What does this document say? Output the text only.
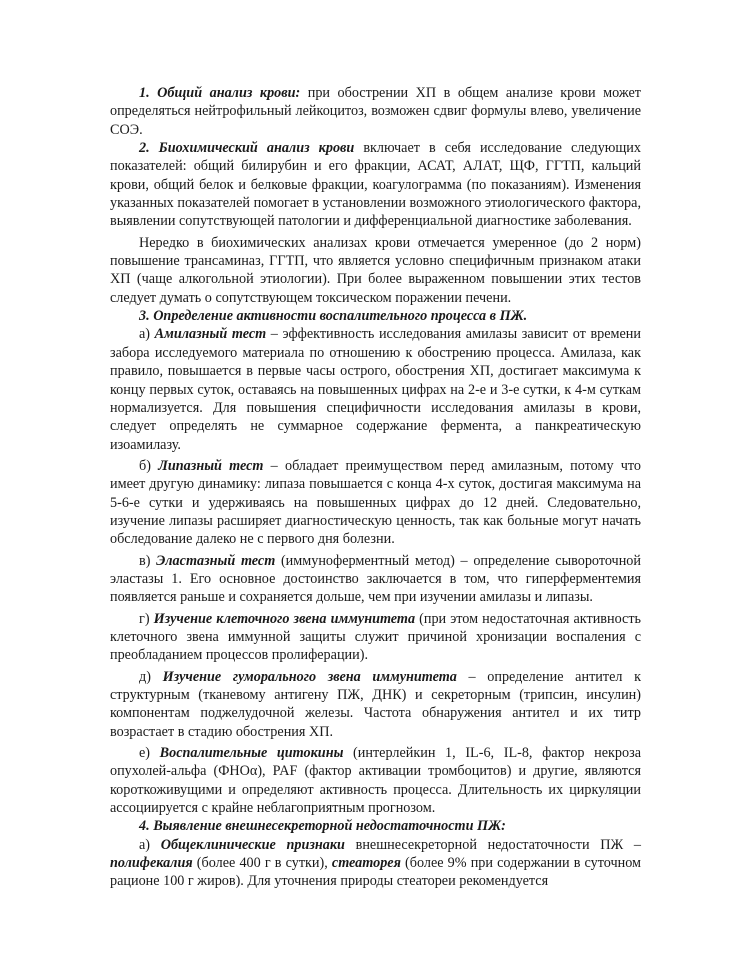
1. Общий анализ крови: при обострении ХП в общем анализе крови может определяться нейтрофильный лейкоцитоз, возможен сдвиг формулы влево, увеличение СОЭ.

2. Биохимический анализ крови включает в себя исследование следующих показателей: общий билирубин и его фракции, АСАТ, АЛАТ, ЩФ, ГГТП, кальций крови, общий белок и белковые фракции, коагулограмма (по показаниям). Изменения указанных показателей помогает в установлении возможного этиологического фактора, выявлении сопутствующей патологии и дифференциальной диагностике заболевания.

Нередко в биохимических анализах крови отмечается умеренное (до 2 норм) повышение трансаминаз, ГГТП, что является условно специфичным признаком атаки ХП (чаще алкогольной этиологии). При более выраженном повышении этих тестов следует думать о сопутствующем токсическом поражении печени.

3. Определение активности воспалительного процесса в ПЖ.

а) Амилазный тест – эффективность исследования амилазы зависит от времени забора исследуемого материала по отношению к обострению процесса. Амилаза, как правило, повышается в первые часы острого, обострения ХП, достигает максимума к концу первых суток, оставаясь на повышенных цифрах на 2-е и 3-е сутки, к 4-м суткам нормализуется. Для повышения специфичности исследования амилазы в крови, следует определять не суммарное содержание фермента, а панкреатическую изоамилазу.

б) Липазный тест – обладает преимуществом перед амилазным, потому что имеет другую динамику: липаза повышается с конца 4-х суток, достигая максимума на 5-6-е сутки и удерживаясь на повышенных цифрах до 12 дней. Следовательно, изучение липазы расширяет диагностическую ценность, так как больные могут начать обследование далеко не с первого дня болезни.

в) Эластазный тест (иммуноферментный метод) – определение сывороточной эластазы 1. Его основное достоинство заключается в том, что гиперферментемия появляется раньше и сохраняется дольше, чем при изучении амилазы и липазы.

г) Изучение клеточного звена иммунитета (при этом недостаточная активность клеточного звена иммунной защиты служит причиной хронизации воспаления с преобладанием процессов пролиферации).

д) Изучение гуморального звена иммунитета – определение антител к структурным (тканевому антигену ПЖ, ДНК) и секреторным (трипсин, инсулин) компонентам поджелудочной железы. Частота обнаружения антител и их титр возрастает в стадию обострения ХП.

е) Воспалительные цитокины (интерлейкин 1, IL-6, IL-8, фактор некроза опухолей-альфа (ФНОα), PAF (фактор активации тромбоцитов) и другие, являются короткоживущими и определяют активность процесса. Длительность их циркуляции ассоциируется с крайне неблагоприятным прогнозом.

4. Выявление внешнесекреторной недостаточности ПЖ:

а) Общеклинические признаки внешнесекреторной недостаточности ПЖ – полифекалия (более 400 г в сутки), стеаторея (более 9% при содержании в суточном рационе 100 г жиров). Для уточнения природы стеатореи рекомендуется
